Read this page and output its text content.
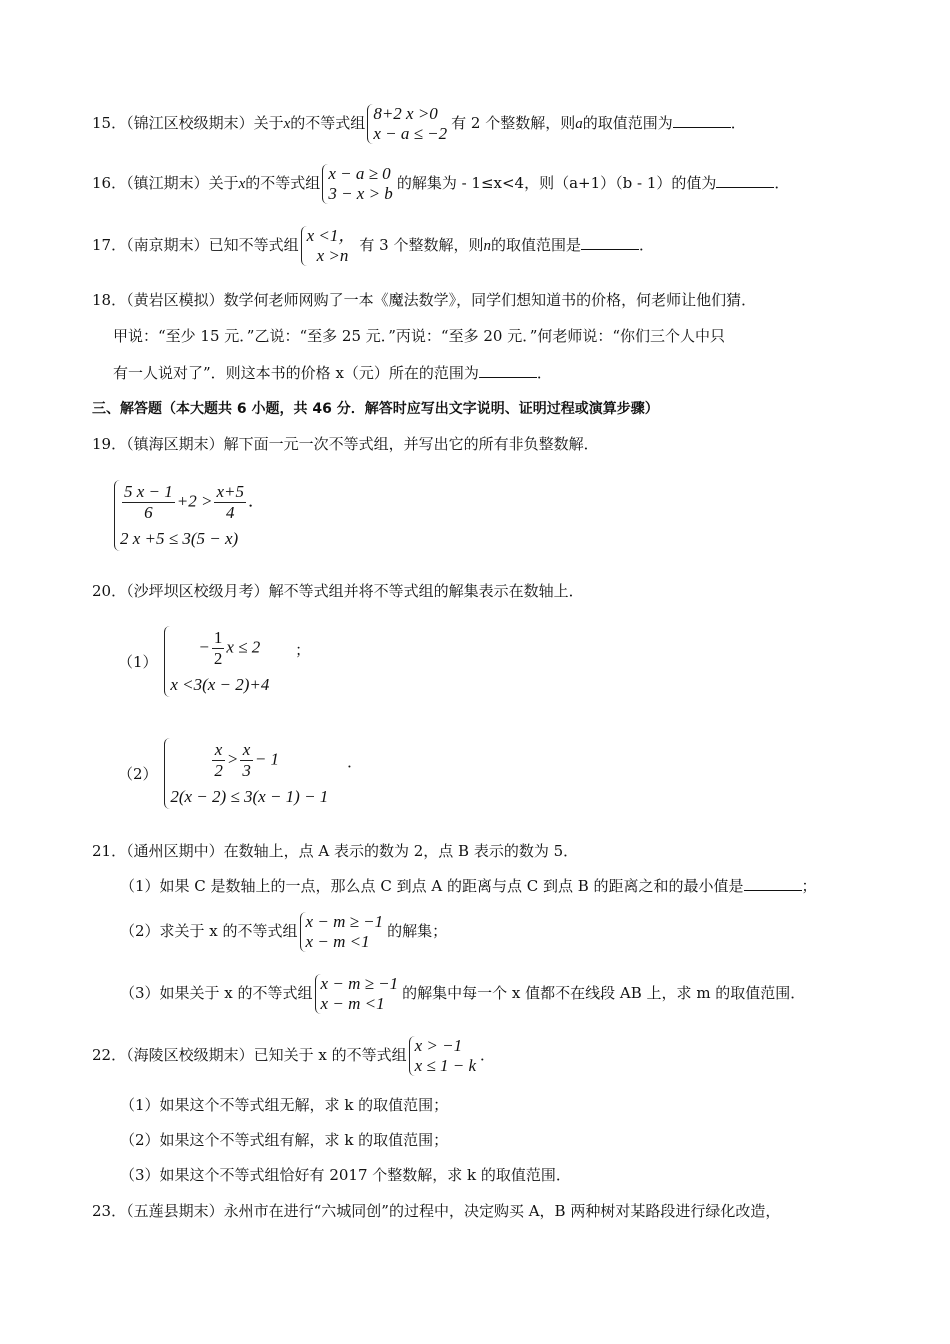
15．（锦江区校级期末）关于x的不等式组 8+2 x >0
x − a ≤ −2
有 2 个整数解，则a的取值范围为	．
16．（镇江期末）关于x的不等式组 x − a ≥ 0
3 − x > b
的解集为 - 1≤x<4，则（a+1）（b - 1）的值为	．
17．（南京期末）已知不等式组 x <1，
x >n
有 3 个整数解，则n的取值范围是	．
18．（黄岩区模拟）数学何老师网购了一本《魔法数学》，同学们想知道书的价格，何老师让他们猜．
甲说：“至少 15 元．”乙说：“至多 25 元．”丙说：“至多 20 元．”何老师说：“你们三个人中只
有一人说对了”．则这本书的价格 x（元）所在的范围为	．
三、解答题（本大题共 6 小题，共 46 分．解答时应写出文字说明、证明过程或演算步骤）
19．（镇海区期末）解下面一元一次不等式组，并写出它的所有非负整数解．
$\frac{5 x - 1}{6} +2 > \frac{x+5}{4}$ ．
2 x +5 ≤ 3(5 − x)
20．（沙坪坝区校级月考）解不等式组并将不等式组的解集表示在数轴上．
（1）
− $\frac{1}{2}$ x ≤ 2
x <3(x − 2)+4
；
（2）	$\frac{x}{2} > \frac{x}{3} - 1$
2(x − 2) ≤ 3(x − 1) − 1
．
21．（通州区期中）在数轴上，点 A 表示的数为 2，点 B 表示的数为 5．
（1）如果 C 是数轴上的一点，那么点 C 到点 A 的距离与点 C 到点 B 的距离之和的最小值是	；
（2）求关于 x 的不等式组 x − m ≥ −1
x − m <1
的解集；
（3）如果关于 x 的不等式组 x − m ≥ −1
x − m <1
的解集中每一个 x 值都不在线段 AB 上，求 m 的取值范围．
22．（海陵区校级期末）已知关于 x 的不等式组 x > −1
x ≤ 1 − k
．
（1）如果这个不等式组无解，求 k 的取值范围；
（2）如果这个不等式组有解，求 k 的取值范围；
（3）如果这个不等式组恰好有 2017 个整数解，求 k 的取值范围．
23．（五莲县期末）永州市在进行“六城同创”的过程中，决定购买 A，B 两种树对某路段进行绿化改造，
